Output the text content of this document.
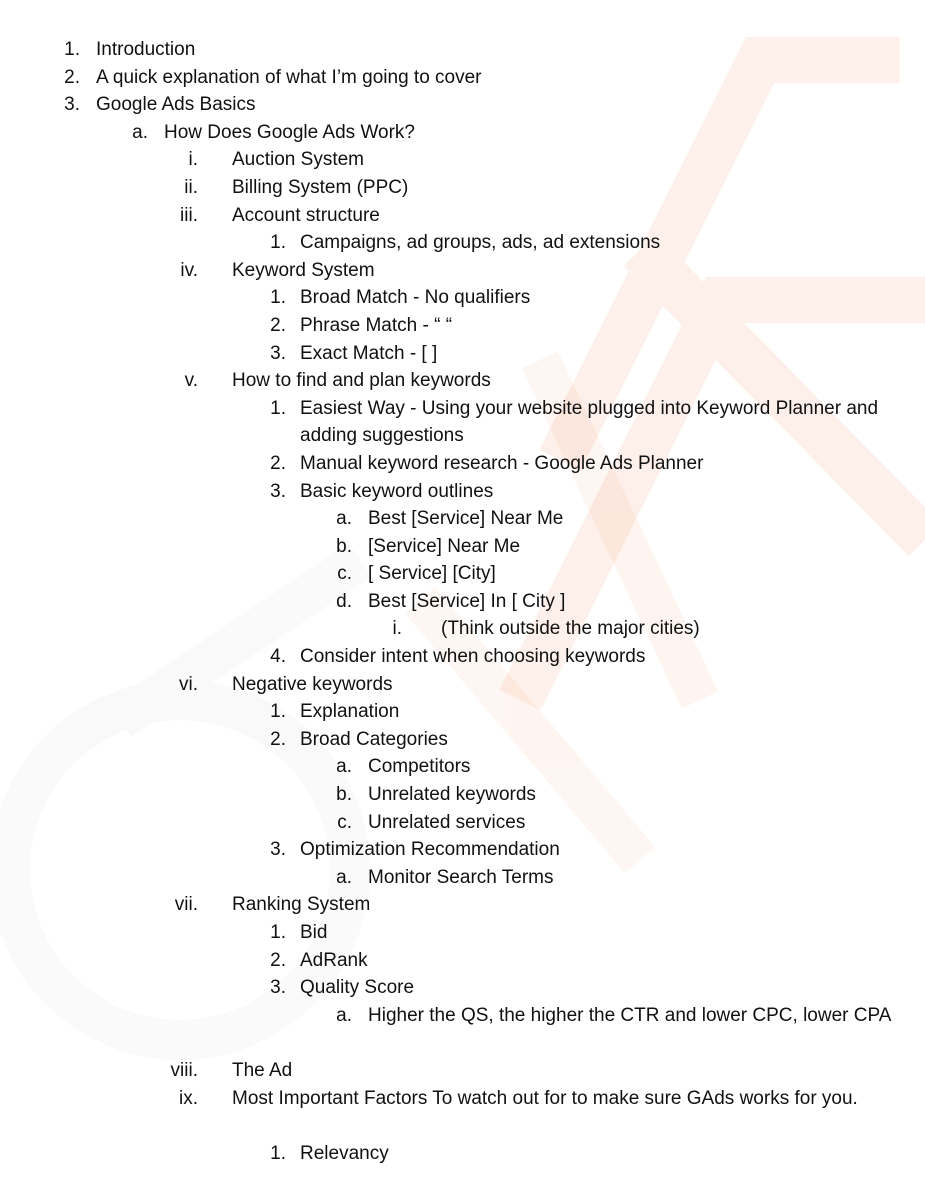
1. Introduction
2. A quick explanation of what I’m going to cover
3. Google Ads Basics
a. How Does Google Ads Work?
i. Auction System
ii. Billing System (PPC)
iii. Account structure
1. Campaigns, ad groups, ads, ad extensions
iv. Keyword System
1. Broad Match - No qualifiers
2. Phrase Match - “ “
3. Exact Match - [ ]
v. How to find and plan keywords
1. Easiest Way - Using your website plugged into Keyword Planner and adding suggestions
2. Manual keyword research - Google Ads Planner
3. Basic keyword outlines
a. Best [Service] Near Me
b. [Service] Near Me
c. [ Service] [City]
d. Best [Service] In [ City ]
i. (Think outside the major cities)
4. Consider intent when choosing keywords
vi. Negative keywords
1. Explanation
2. Broad Categories
a. Competitors
b. Unrelated keywords
c. Unrelated services
3. Optimization Recommendation
a. Monitor Search Terms
vii. Ranking System
1. Bid
2. AdRank
3. Quality Score
a. Higher the QS, the higher the CTR and lower CPC, lower CPA
viii. The Ad
ix. Most Important Factors To watch out for to make sure GAds works for you.
1. Relevancy
